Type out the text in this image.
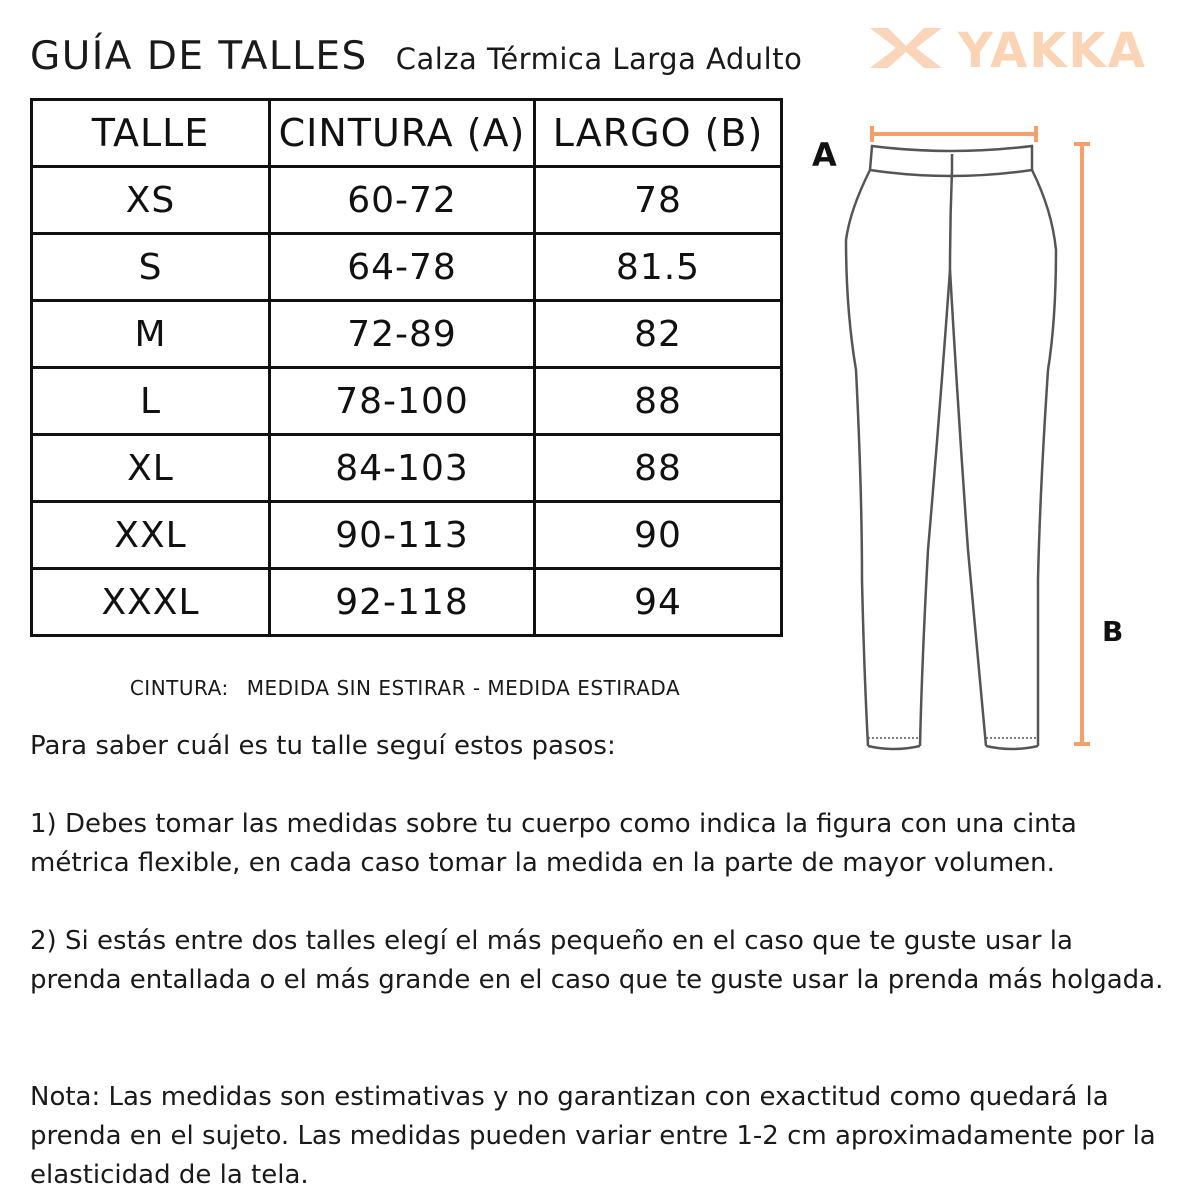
GUÍA DE TALLES Calza Térmica Larga Adulto	YAKKA
TALLE	CINTURA (A)	LARGO (B)
XS	60-72	78
S	64-78	81.5
M	72-89	82
L	78-100	88
XL	84-103	88
XXL	90-113	90
XXXL	92-118	94
CINTURA: MEDIDA SIN ESTIRAR - MEDIDA ESTIRADA
A
B
Para saber cuál es tu talle seguí estos pasos:
1) Debes tomar las medidas sobre tu cuerpo como indica la figura con una cinta métrica flexible, en cada caso tomar la medida en la parte de mayor volumen.
2) Si estás entre dos talles elegí el más pequeño en el caso que te guste usar la prenda entallada o el más grande en el caso que te guste usar la prenda más holgada.
Nota: Las medidas son estimativas y no garantizan con exactitud como quedará la prenda en el sujeto. Las medidas pueden variar entre 1-2 cm aproximadamente por la elasticidad de la tela.
